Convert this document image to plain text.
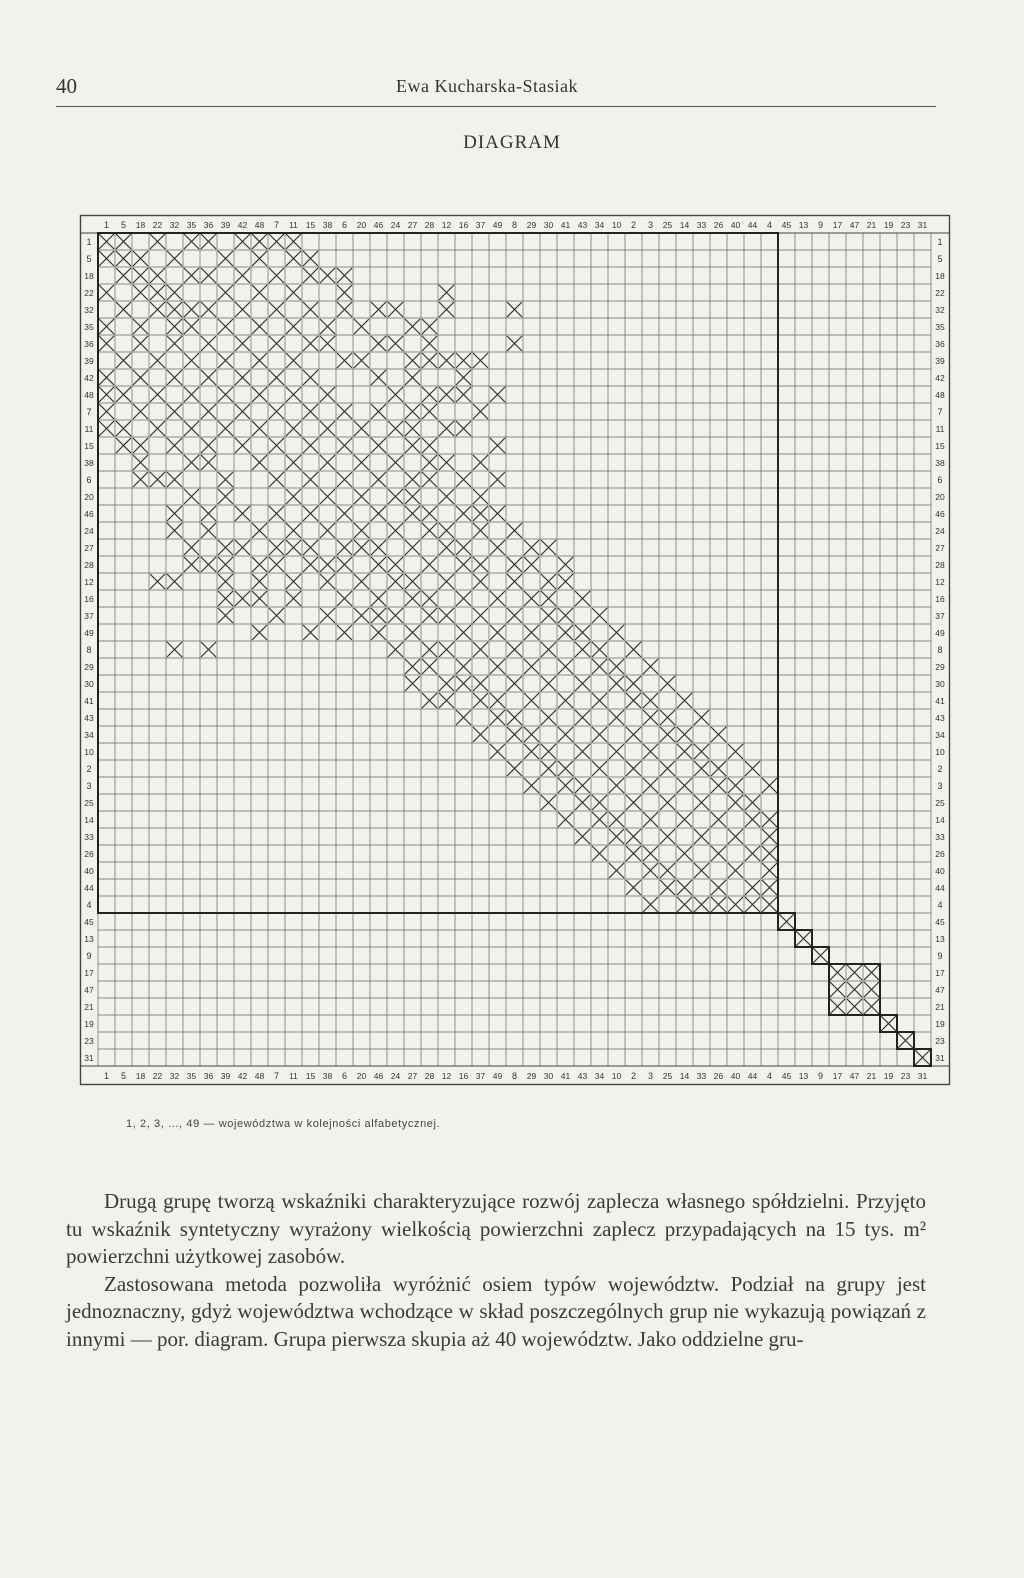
40	Ewa Kucharska-Stasiak
DIAGRAM
1
1
1	1
5
5
5	5
18
18
18	18
22
22
22	22
32
32
32	32
35
35
35	35
36
36
36	36
39
39
39	39
42
42
42	42
48
48
48	48
7
7
7	7
11
11
11	11
15
15
15	15
38
38
38	38
6
6
6	6
20
20
20	20
46
46
46	46
24
24
24	24
27
27
27	27
28
28
28	28
12
12
12	12
16
16
16	16
37
37
37	37
49
49
49	49
8
8
8	8
29
29
29	29
30
30
30	30
41
41
41	41
43
43
43	43
34
34
34	34
10
10
10	10
2
2
2	2
3
3
3	3
25
25
25	25
14
14
14	14
33
33
33	33
26
26
26	26
40
40
40	40
44
44
44	44
4
4
4	4
45
45
45	45
13
13
13	13
9
9
9	9
17
17
17	17
47
47
47	47
21
21
21	21
19
19
19	19
23
23
23	23
31
31
31	31
1, 2, 3, ..., 49 — województwa w kolejności alfabetycznej.

Drugą grupę tworzą wskaźniki charakteryzujące rozwój zaplecza własnego spółdzielni. Przyjęto tu wskaźnik syntetyczny wyrażony wielkością powierzchni zaplecz przypadających na 15 tys. m² powierzchni użytkowej zasobów.

Zastosowana metoda pozwoliła wyróżnić osiem typów województw. Podział na grupy jest jednoznaczny, gdyż województwa wchodzące w skład poszczególnych grup nie wykazują powiązań z innymi — por. diagram. Grupa pierwsza skupia aż 40 województw. Jako oddzielne gru-
